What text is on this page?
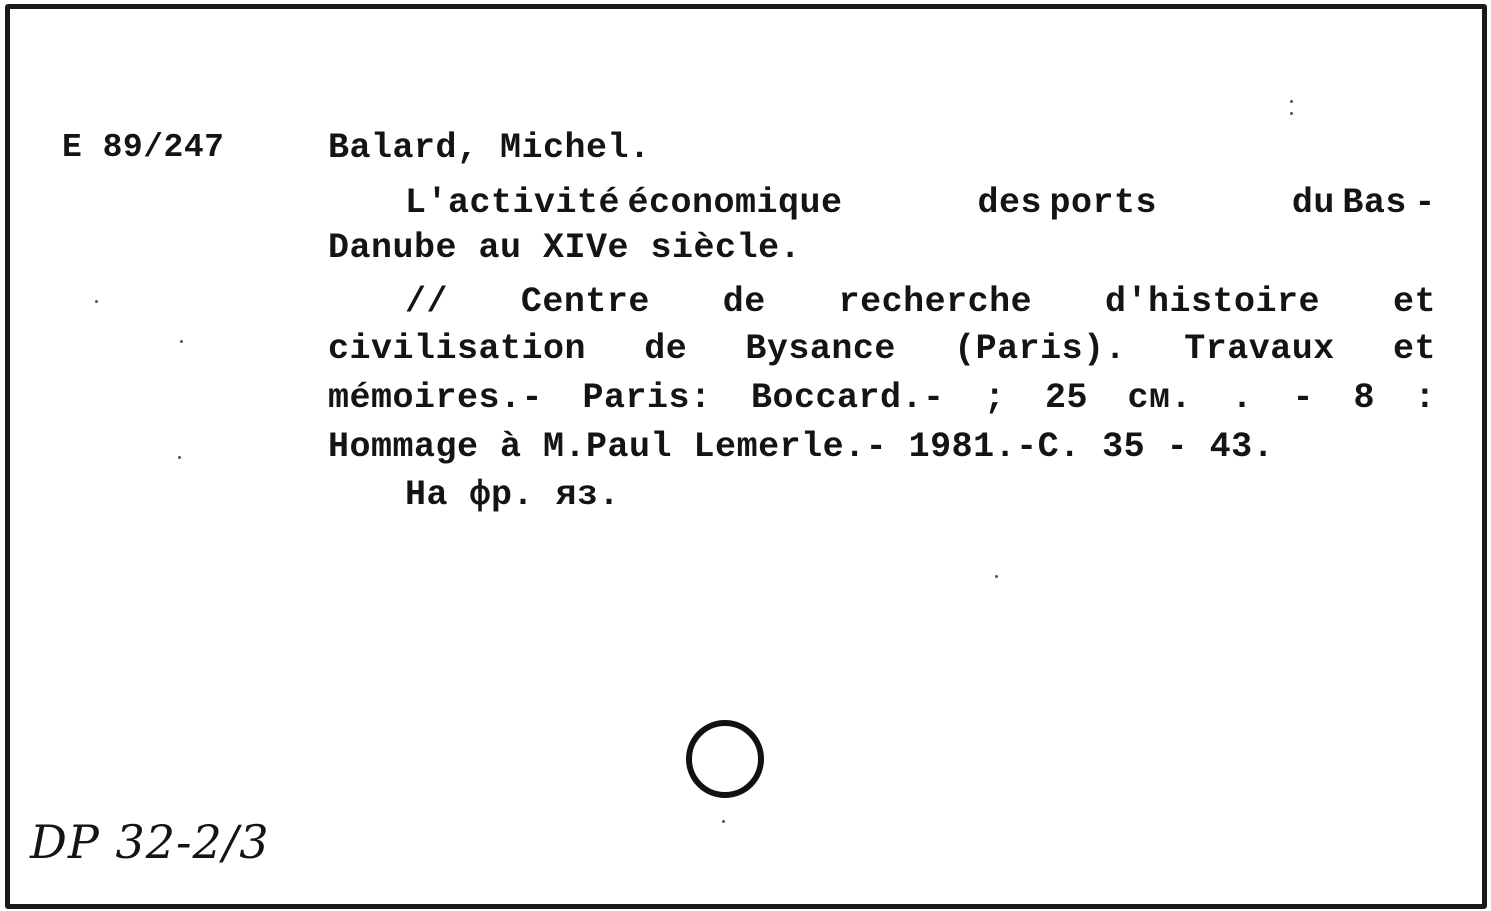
E 89/247	Balard, Michel.
L'activité économique	des ports	du Bas -
Danube au XIVe siècle.
// Centre de recherche d'histoire et
civilisation de Bysance (Paris). Travaux et
mémoires.- Paris: Boccard.- ; 25 см. . - 8 :
Hommage à M.Paul Lemerle.- 1981.-C. 35 - 43.
На фр. яз.
DP 32-2/3
